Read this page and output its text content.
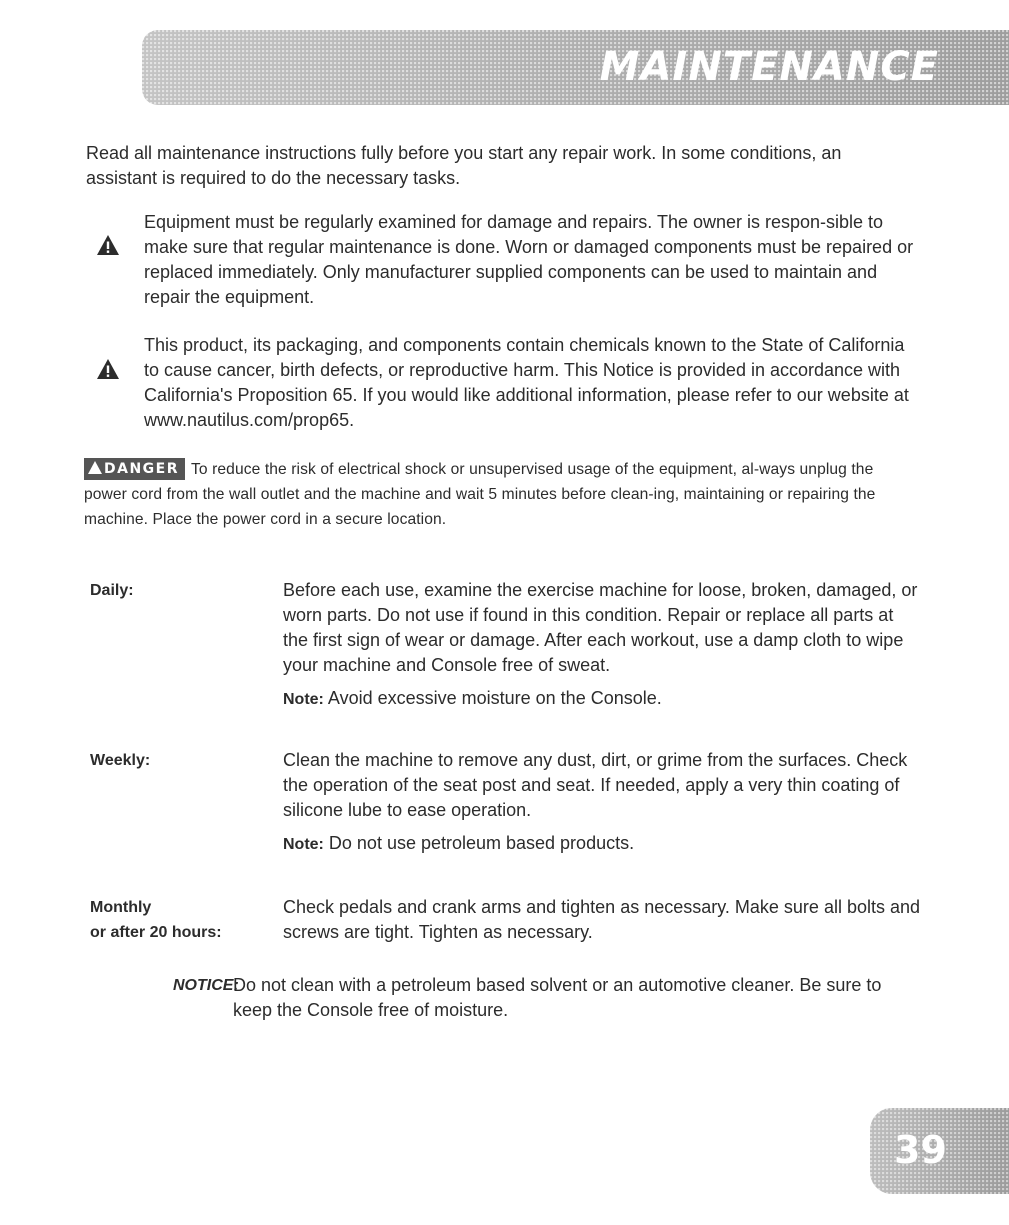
MAINTENANCE
Read all maintenance instructions fully before you start any repair work. In some conditions, an assistant is required to do the necessary tasks.
Equipment must be regularly examined for damage and repairs. The owner is respon-sible to make sure that regular maintenance is done. Worn or damaged components must be repaired or replaced immediately. Only manufacturer supplied components can be used to maintain and repair the equipment.
This product, its packaging, and components contain chemicals known to the State of California to cause cancer, birth defects, or reproductive harm. This Notice is provided in accordance with California's Proposition 65. If you would like additional information, please refer to our website at www.nautilus.com/prop65.
DANGER To reduce the risk of electrical shock or unsupervised usage of the equipment, al-ways unplug the power cord from the wall outlet and the machine and wait 5 minutes before clean-ing, maintaining or repairing the machine. Place the power cord in a secure location.
Daily:	Before each use, examine the exercise machine for loose, broken, damaged, or worn parts. Do not use if found in this condition. Repair or replace all parts at the first sign of wear or damage. After each workout, use a damp cloth to wipe your machine and Console free of sweat.
Note: Avoid excessive moisture on the Console.
Weekly:	Clean the machine to remove any dust, dirt, or grime from the surfaces. Check the operation of the seat post and seat. If needed, apply a very thin coating of silicone lube to ease operation.
Note: Do not use petroleum based products.
Monthly
or after 20 hours:
Check pedals and crank arms and tighten as necessary. Make sure all bolts and screws are tight. Tighten as necessary.
NOTICE:
Do not clean with a petroleum based solvent or an automotive cleaner. Be sure to keep the Console free of moisture.
39
